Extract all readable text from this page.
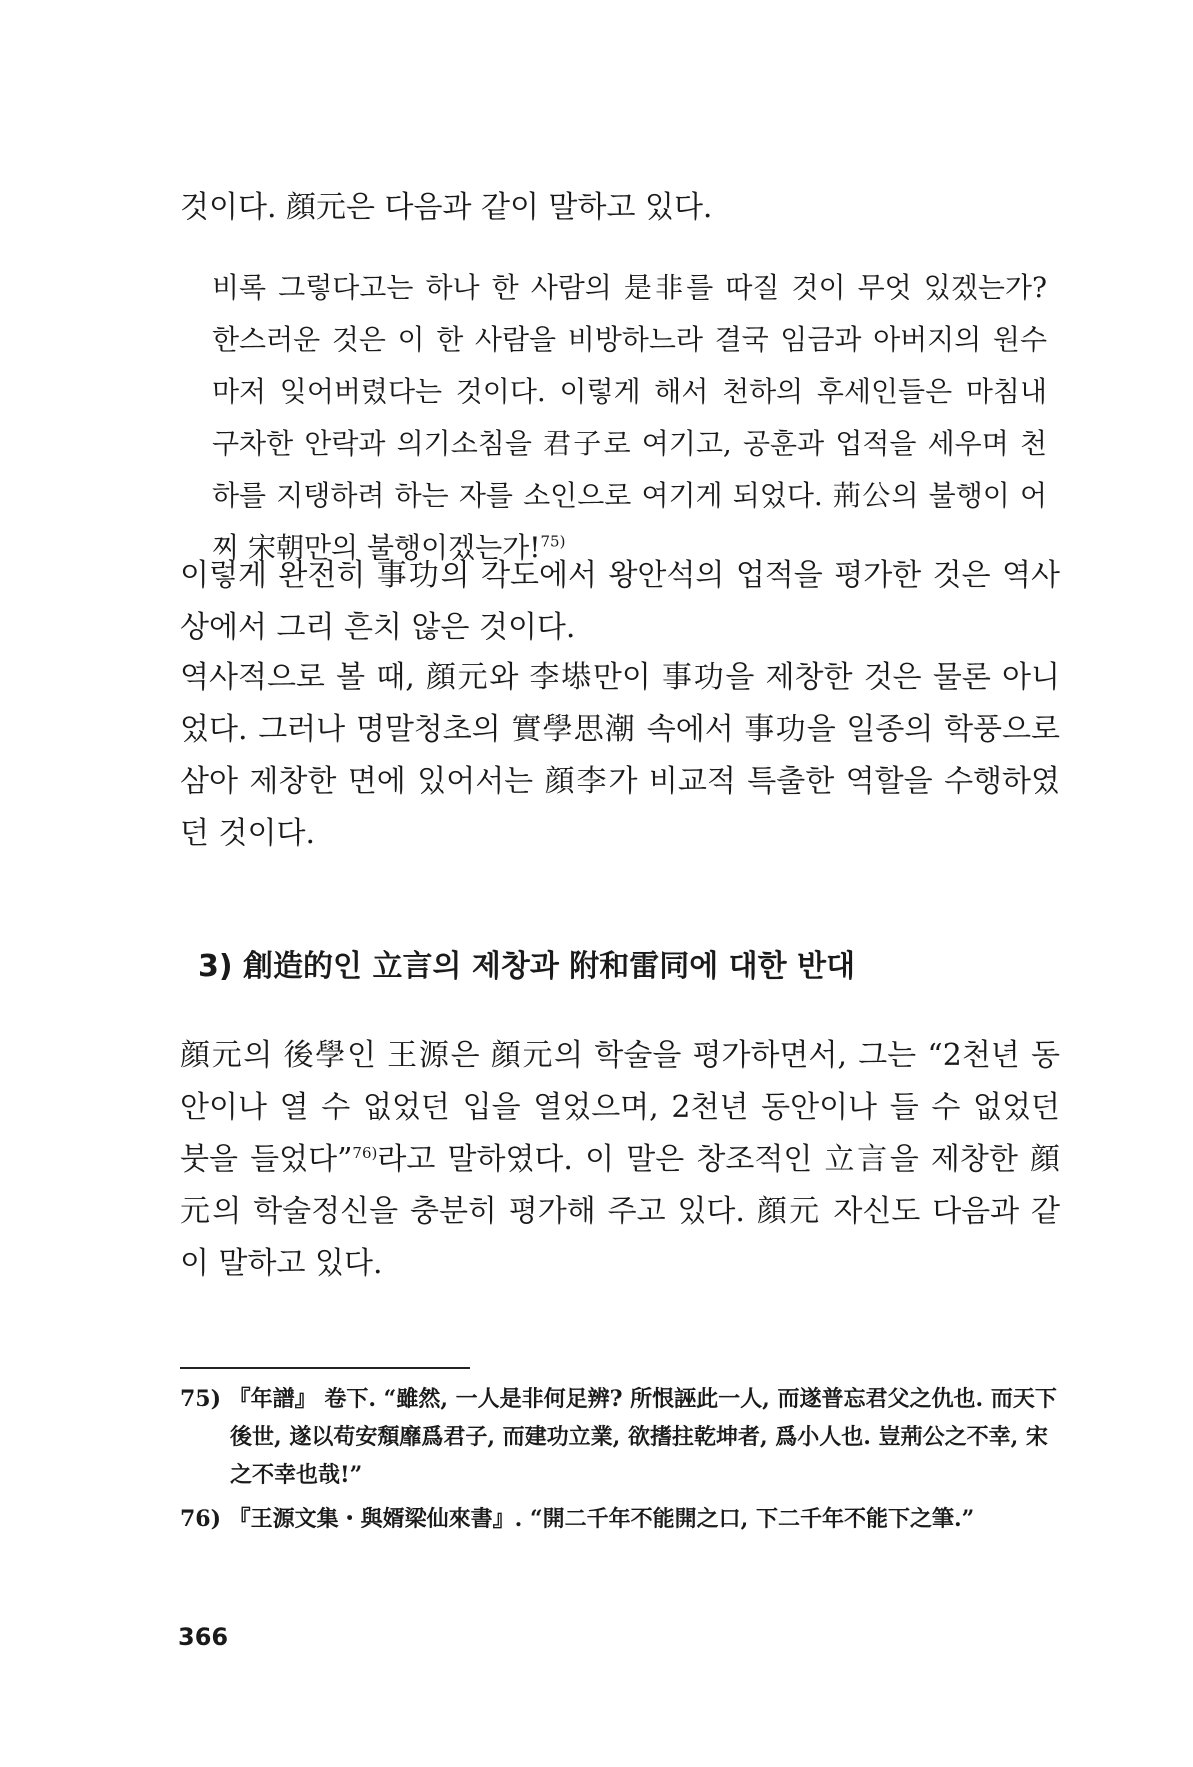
것이다. 顔元은 다음과 같이 말하고 있다.

비록 그렇다고는 하나 한 사람의 是非를 따질 것이 무엇 있겠는가? 한스러운 것은 이 한 사람을 비방하느라 결국 임금과 아버지의 원수마저 잊어버렸다는 것이다. 이렇게 해서 천하의 후세인들은 마침내 구차한 안락과 의기소침을 君子로 여기고, 공훈과 업적을 세우며 천하를 지탱하려 하는 자를 소인으로 여기게 되었다. 荊公의 불행이 어찌 宋朝만의 불행이겠는가!$^{75)}$

이렇게 완전히 事功의 각도에서 왕안석의 업적을 평가한 것은 역사상에서 그리 흔치 않은 것이다.

역사적으로 볼 때, 顔元와 李塨만이 事功을 제창한 것은 물론 아니었다. 그러나 명말청초의 實學思潮 속에서 事功을 일종의 학풍으로 삼아 제창한 면에 있어서는 顔李가 비교적 특출한 역할을 수행하였던 것이다.

3) 創造的인 立言의 제창과 附和雷同에 대한 반대

顔元의 後學인 王源은 顔元의 학술을 평가하면서, 그는 “2천년 동안이나 열 수 없었던 입을 열었으며, 2천년 동안이나 들 수 없었던 붓을 들었다”$^{76)}$라고 말하였다. 이 말은 창조적인 立言을 제창한 顔元의 학술정신을 충분히 평가해 주고 있다. 顔元 자신도 다음과 같이 말하고 있다.

75) 『年譜』 卷下. “雖然, 一人是非何足辨? 所恨誣此一人, 而遂普忘君父之仇也. 而天下後世, 遂以苟安頽靡爲君子, 而建功立業, 欲搘拄乾坤者, 爲小人也. 豈荊公之不幸, 宋之不幸也哉!”

76) 『王源文集・與婿梁仙來書』. “開二千年不能開之口, 下二千年不能下之筆.”

366
